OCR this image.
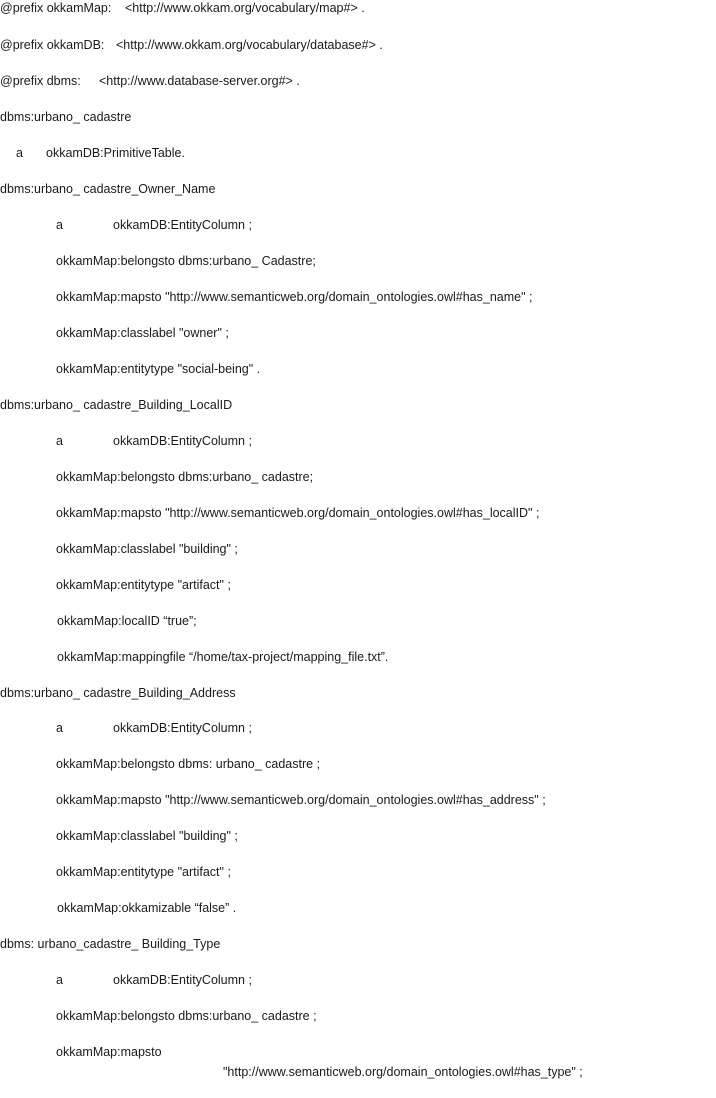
@prefix okkamMap: <http://www.okkam.org/vocabulary/map#> .
@prefix okkamDB: <http://www.okkam.org/vocabulary/database#> .
@prefix dbms: <http://www.database-server.org#> .
dbms:urbano_ cadastre
a okkamDB:PrimitiveTable.
dbms:urbano_ cadastre_Owner_Name
a	okkamDB:EntityColumn ;
okkamMap:belongsto dbms:urbano_ Cadastre;
okkamMap:mapsto "http://www.semanticweb.org/domain_ontologies.owl#has_name" ;
okkamMap:classlabel "owner" ;
okkamMap:entitytype "social-being" .
dbms:urbano_ cadastre_Building_LocalID
a	okkamDB:EntityColumn ;
okkamMap:belongsto dbms:urbano_ cadastre;
okkamMap:mapsto "http://www.semanticweb.org/domain_ontologies.owl#has_localID" ;
okkamMap:classlabel "building" ;
okkamMap:entitytype "artifact" ;
okkamMap:localID “true”;
okkamMap:mappingfile “/home/tax-project/mapping_file.txt”.
dbms:urbano_ cadastre_Building_Address
a	okkamDB:EntityColumn ;
okkamMap:belongsto dbms: urbano_ cadastre ;
okkamMap:mapsto "http://www.semanticweb.org/domain_ontologies.owl#has_address" ;
okkamMap:classlabel "building" ;
okkamMap:entitytype "artifact" ;
okkamMap:okkamizable “false” .
dbms: urbano_cadastre_ Building_Type
a	okkamDB:EntityColumn ;
okkamMap:belongsto dbms:urbano_ cadastre ;
okkamMap:mapsto
"http://www.semanticweb.org/domain_ontologies.owl#has_type" ;
